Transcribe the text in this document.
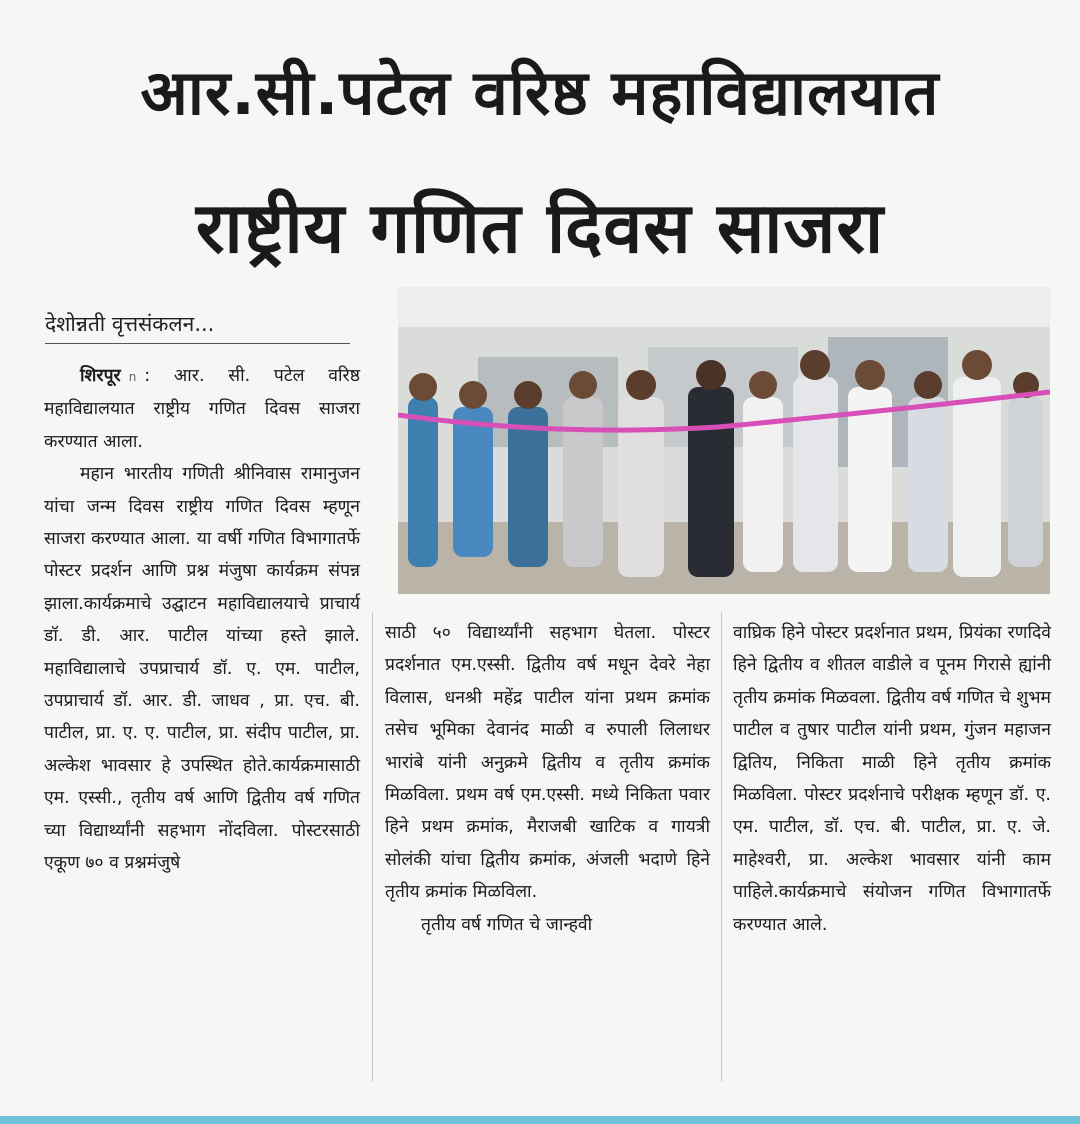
आर.सी.पटेल वरिष्ठ महाविद्यालयात
राष्ट्रीय गणित दिवस साजरा
देशोन्नती वृत्तसंकलन...

शिरपूर n : आर. सी. पटेल वरिष्ठ महाविद्यालयात राष्ट्रीय गणित दिवस साजरा करण्यात आला.

महान भारतीय गणिती श्रीनिवास रामानुजन यांचा जन्म दिवस राष्ट्रीय गणित दिवस म्हणून साजरा करण्यात आला. या वर्षी गणित विभागातर्फे पोस्टर प्रदर्शन आणि प्रश्न मंजुषा कार्यक्रम संपन्न झाला.कार्यक्रमाचे उद्घाटन महाविद्यालयाचे प्राचार्य डॉ. डी. आर. पाटील यांच्या हस्ते झाले. महाविद्यालाचे उपप्राचार्य डॉ. ए. एम. पाटील, उपप्राचार्य डॉ. आर. डी. जाधव , प्रा. एच. बी. पाटील, प्रा. ए. ए. पाटील, प्रा. संदीप पाटील, प्रा. अल्केश भावसार हे उपस्थित होते.कार्यक्रमासाठी एम. एस्सी., तृतीय वर्ष आणि द्वितीय वर्ष गणित च्या विद्यार्थ्यांनी सहभाग नोंदविला. पोस्टरसाठी एकूण ७० व प्रश्नमंजुषे

साठी ५० विद्यार्थ्यांनी सहभाग घेतला. पोस्टर प्रदर्शनात एम.एस्सी. द्वितीय वर्ष मधून देवरे नेहा विलास, धनश्री महेंद्र पाटील यांना प्रथम क्रमांक तसेच भूमिका देवानंद माळी व रुपाली लिलाधर भारांबे यांनी अनुक्रमे द्वितीय व तृतीय क्रमांक मिळविला. प्रथम वर्ष एम.एस्सी. मध्ये निकिता पवार हिने प्रथम क्रमांक, मैराजबी खाटिक व गायत्री सोलंकी यांचा द्वितीय क्रमांक, अंजली भदाणे हिने तृतीय क्रमांक मिळविला.

तृतीय वर्ष गणित चे जान्हवी

वाघ्रिक हिने पोस्टर प्रदर्शनात प्रथम, प्रियंका रणदिवे हिने द्वितीय व शीतल वाडीले व पूनम गिरासे ह्यांनी तृतीय क्रमांक मिळवला. द्वितीय वर्ष गणित चे शुभम पाटील व तुषार पाटील यांनी प्रथम, गुंजन महाजन द्वितिय, निकिता माळी हिने तृतीय क्रमांक मिळविला. पोस्टर प्रदर्शनाचे परीक्षक म्हणून डॉ. ए. एम. पाटील, डॉ. एच. बी. पाटील, प्रा. ए. जे. माहेश्वरी, प्रा. अल्केश भावसार यांनी काम पाहिले.कार्यक्रमाचे संयोजन गणित विभागातर्फे करण्यात आले.
